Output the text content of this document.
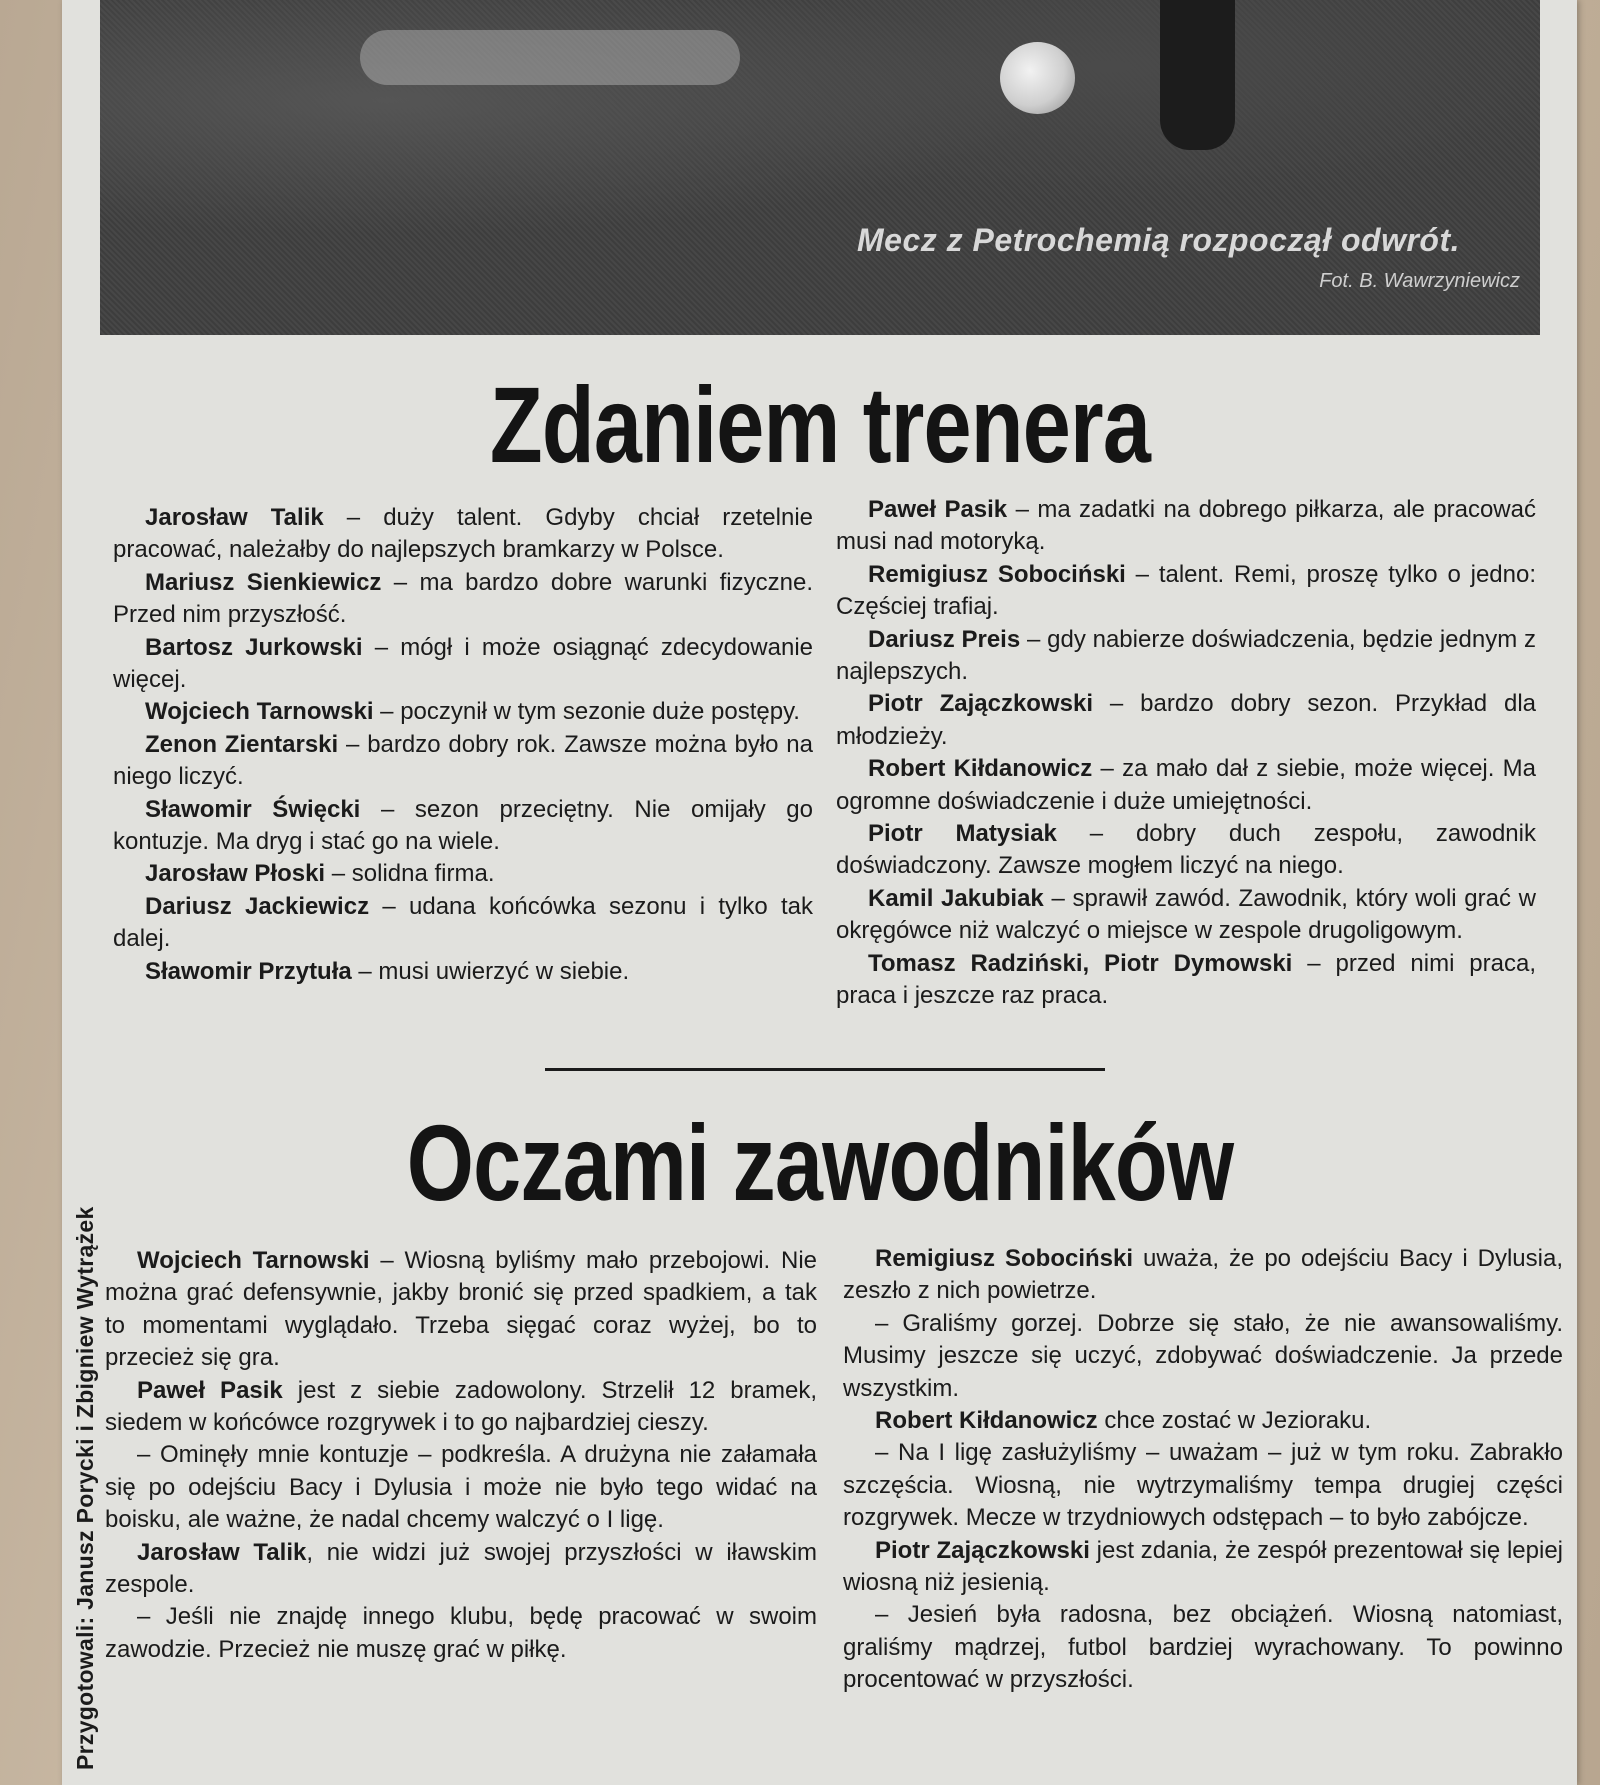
Mecz z Petrochemią rozpoczął odwrót.
Fot. B. Wawrzyniewicz
Zdaniem trenera

Jarosław Talik – duży talent. Gdyby chciał rzetelnie pracować, należałby do najlepszych bramkarzy w Polsce.

Mariusz Sienkiewicz – ma bardzo dobre warunki fizyczne. Przed nim przyszłość.

Bartosz Jurkowski – mógł i może osiągnąć zdecydowanie więcej.

Wojciech Tarnowski – poczynił w tym sezonie duże postępy.

Zenon Zientarski – bardzo dobry rok. Zawsze można było na niego liczyć.

Sławomir Święcki – sezon przeciętny. Nie omijały go kontuzje. Ma dryg i stać go na wiele.

Jarosław Płoski – solidna firma.

Dariusz Jackiewicz – udana końcówka sezonu i tylko tak dalej.

Sławomir Przytuła – musi uwierzyć w siebie.

Paweł Pasik – ma zadatki na dobrego piłkarza, ale pracować musi nad motoryką.

Remigiusz Sobociński – talent. Remi, proszę tylko o jedno: Częściej trafiaj.

Dariusz Preis – gdy nabierze doświadczenia, będzie jednym z najlepszych.

Piotr Zajączkowski – bardzo dobry sezon. Przykład dla młodzieży.

Robert Kiłdanowicz – za mało dał z siebie, może więcej. Ma ogromne doświadczenie i duże umiejętności.

Piotr Matysiak – dobry duch zespołu, zawodnik doświadczony. Zawsze mogłem liczyć na niego.

Kamil Jakubiak – sprawił zawód. Zawodnik, który woli grać w okręgówce niż walczyć o miejsce w zespole drugoligowym.

Tomasz Radziński, Piotr Dymowski – przed nimi praca, praca i jeszcze raz praca.

Oczami zawodników

Wojciech Tarnowski – Wiosną byliśmy mało przebojowi. Nie można grać defensywnie, jakby bronić się przed spadkiem, a tak to momentami wyglądało. Trzeba sięgać coraz wyżej, bo to przecież się gra.

Paweł Pasik jest z siebie zadowolony. Strzelił 12 bramek, siedem w końcówce rozgrywek i to go najbardziej cieszy.

– Ominęły mnie kontuzje – podkreśla. A drużyna nie załamała się po odejściu Bacy i Dylusia i może nie było tego widać na boisku, ale ważne, że nadal chcemy walczyć o I ligę.

Jarosław Talik, nie widzi już swojej przyszłości w iławskim zespole.

– Jeśli nie znajdę innego klubu, będę pracować w swoim zawodzie. Przecież nie muszę grać w piłkę.

Remigiusz Sobociński uważa, że po odejściu Bacy i Dylusia, zeszło z nich powietrze.

– Graliśmy gorzej. Dobrze się stało, że nie awansowaliśmy. Musimy jeszcze się uczyć, zdobywać doświadczenie. Ja przede wszystkim.

Robert Kiłdanowicz chce zostać w Jezioraku.

– Na I ligę zasłużyliśmy – uważam – już w tym roku. Zabrakło szczęścia. Wiosną, nie wytrzymaliśmy tempa drugiej części rozgrywek. Mecze w trzydniowych odstępach – to było zabójcze.

Piotr Zajączkowski jest zdania, że zespół prezentował się lepiej wiosną niż jesienią.

– Jesień była radosna, bez obciążeń. Wiosną natomiast, graliśmy mądrzej, futbol bardziej wyrachowany. To powinno procentować w przyszłości.

Przygotowali: Janusz Porycki i Zbigniew Wytrążek
